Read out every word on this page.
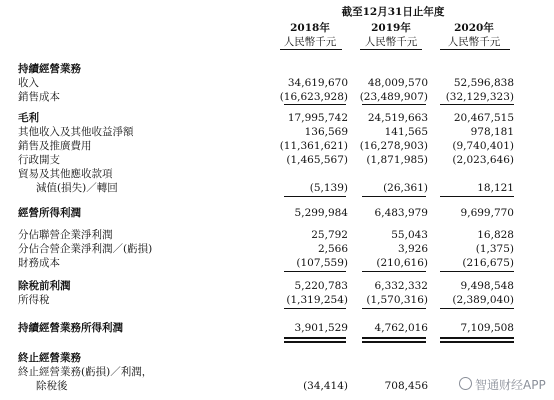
截至12月31日止年度
2018年	2019年	2020年
人民幣千元	人民幣千元	人民幣千元
持續經營業務
收入	34,619,670	48,009,570	52,596,838
銷售成本	(16,623,928)	(23,489,907)	(32,129,323)
毛利	17,995,742	24,519,663	20,467,515
其他收入及其他收益淨額	136,569	141,565	978,181
銷售及推廣費用	(11,361,621)	(16,278,903)	(9,740,401)
行政開支	(1,465,567)	(1,871,985)	(2,023,646)
貿易及其他應收款項
減值(損失)／轉回	(5,139)	(26,361)	18,121
經營所得利潤	5,299,984	6,483,979	9,699,770
分佔聯營企業淨利潤	25,792	55,043	16,828
分佔合營企業淨利潤／(虧損)	2,566	3,926	(1,375)
財務成本	(107,559)	(210,616)	(216,675)
除稅前利潤	5,220,783	6,332,332	9,498,548
所得稅	(1,319,254)	(1,570,316)	(2,389,040)
持續經營業務所得利潤	3,901,529	4,762,016	7,109,508
終止經營業務
終止經營業務(虧損)／利潤，
除稅後	(34,414)	708,456	智通财经APP
